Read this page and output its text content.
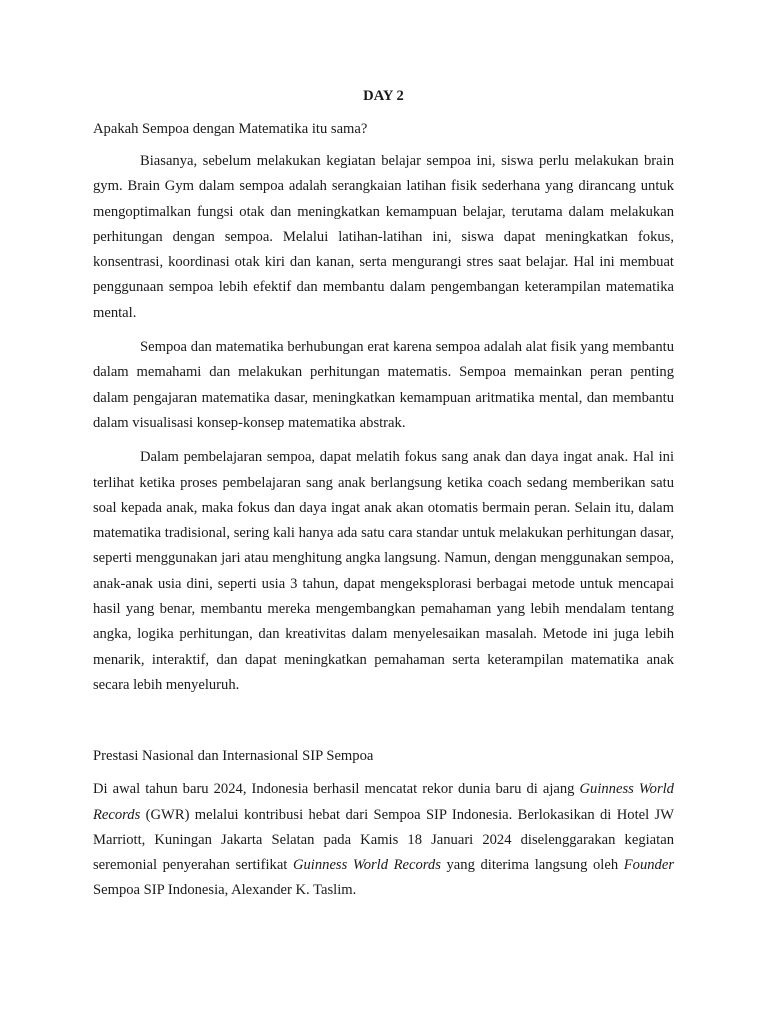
DAY 2

Apakah Sempoa dengan Matematika itu sama?

Biasanya, sebelum melakukan kegiatan belajar sempoa ini, siswa perlu melakukan brain gym. Brain Gym dalam sempoa adalah serangkaian latihan fisik sederhana yang dirancang untuk mengoptimalkan fungsi otak dan meningkatkan kemampuan belajar, terutama dalam melakukan perhitungan dengan sempoa. Melalui latihan-latihan ini, siswa dapat meningkatkan fokus, konsentrasi, koordinasi otak kiri dan kanan, serta mengurangi stres saat belajar. Hal ini membuat penggunaan sempoa lebih efektif dan membantu dalam pengembangan keterampilan matematika mental.

Sempoa dan matematika berhubungan erat karena sempoa adalah alat fisik yang membantu dalam memahami dan melakukan perhitungan matematis. Sempoa memainkan peran penting dalam pengajaran matematika dasar, meningkatkan kemampuan aritmatika mental, dan membantu dalam visualisasi konsep-konsep matematika abstrak.

Dalam pembelajaran sempoa, dapat melatih fokus sang anak dan daya ingat anak. Hal ini terlihat ketika proses pembelajaran sang anak berlangsung ketika coach sedang memberikan satu soal kepada anak, maka fokus dan daya ingat anak akan otomatis bermain peran. Selain itu, dalam matematika tradisional, sering kali hanya ada satu cara standar untuk melakukan perhitungan dasar, seperti menggunakan jari atau menghitung angka langsung. Namun, dengan menggunakan sempoa, anak-anak usia dini, seperti usia 3 tahun, dapat mengeksplorasi berbagai metode untuk mencapai hasil yang benar, membantu mereka mengembangkan pemahaman yang lebih mendalam tentang angka, logika perhitungan, dan kreativitas dalam menyelesaikan masalah. Metode ini juga lebih menarik, interaktif, dan dapat meningkatkan pemahaman serta keterampilan matematika anak secara lebih menyeluruh.

Prestasi Nasional dan Internasional SIP Sempoa

Di awal tahun baru 2024, Indonesia berhasil mencatat rekor dunia baru di ajang Guinness World Records (GWR) melalui kontribusi hebat dari Sempoa SIP Indonesia. Berlokasikan di Hotel JW Marriott, Kuningan Jakarta Selatan pada Kamis 18 Januari 2024 diselenggarakan kegiatan seremonial penyerahan sertifikat Guinness World Records yang diterima langsung oleh Founder Sempoa SIP Indonesia, Alexander K. Taslim.
